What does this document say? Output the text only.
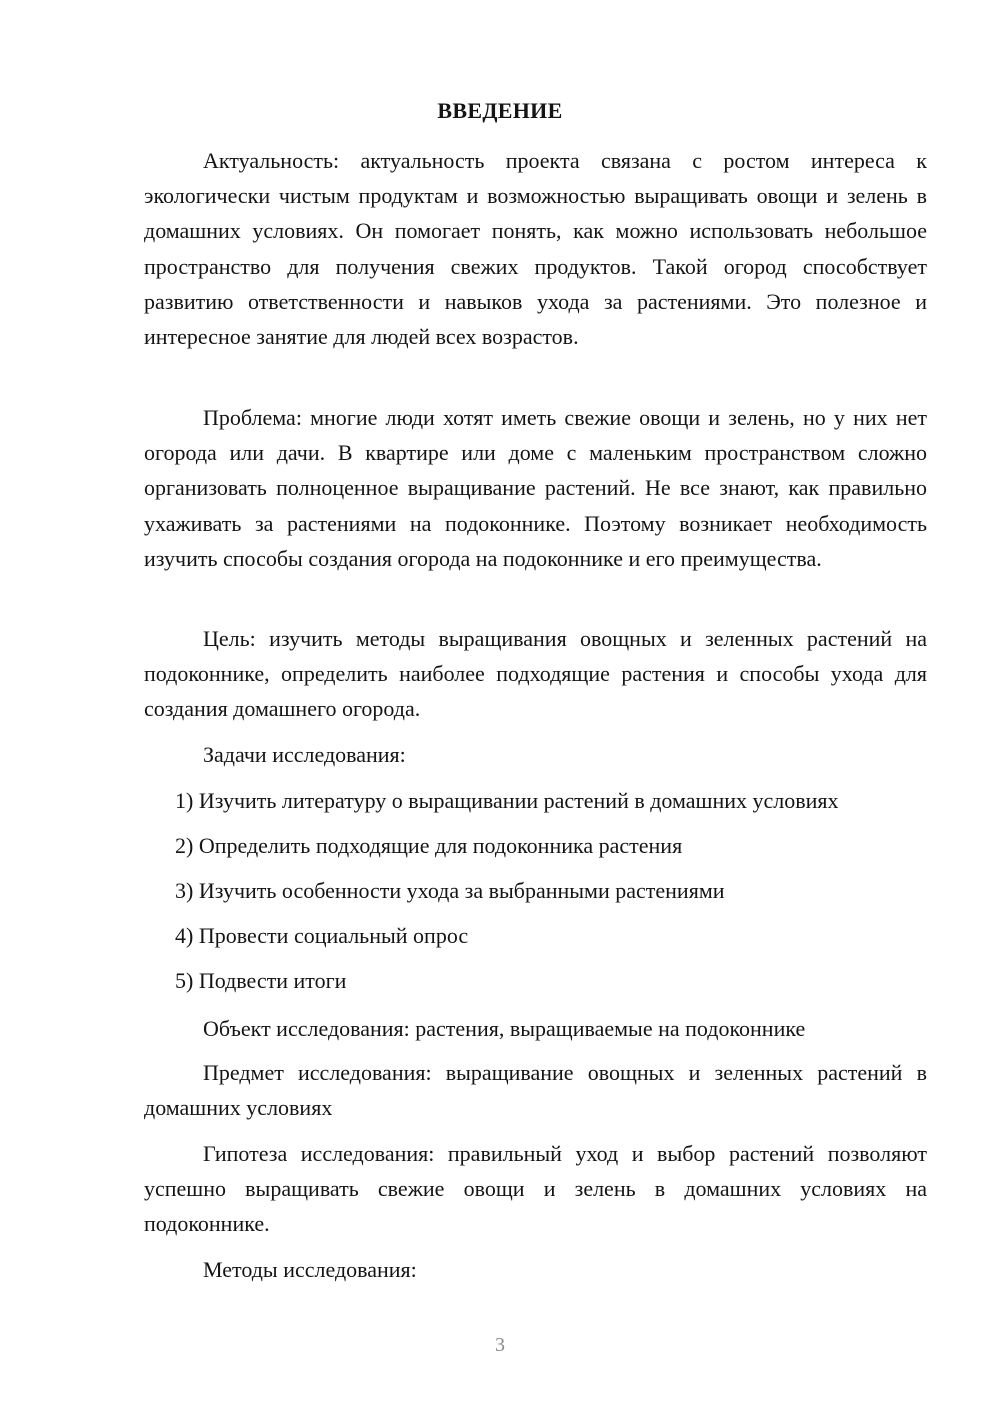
ВВЕДЕНИЕ

Актуальность: актуальность проекта связана с ростом интереса к экологически чистым продуктам и возможностью выращивать овощи и зелень в домашних условиях. Он помогает понять, как можно использовать небольшое пространство для получения свежих продуктов. Такой огород способствует развитию ответственности и навыков ухода за растениями. Это полезное и интересное занятие для людей всех возрастов.

Проблема: многие люди хотят иметь свежие овощи и зелень, но у них нет огорода или дачи. В квартире или доме с маленьким пространством сложно организовать полноценное выращивание растений. Не все знают, как правильно ухаживать за растениями на подоконнике. Поэтому возникает необходимость изучить способы создания огорода на подоконнике и его преимущества.

Цель: изучить методы выращивания овощных и зеленных растений на подоконнике, определить наиболее подходящие растения и способы ухода для создания домашнего огорода.

Задачи исследования:

1) Изучить литературу о выращивании растений в домашних условиях
2) Определить подходящие для подоконника растения
3) Изучить особенности ухода за выбранными растениями
4) Провести социальный опрос
5) Подвести итоги

Объект исследования: растения, выращиваемые на подоконнике

Предмет исследования: выращивание овощных и зеленных растений в домашних условиях

Гипотеза исследования: правильный уход и выбор растений позволяют успешно выращивать свежие овощи и зелень в домашних условиях на подоконнике.

Методы исследования:

3
